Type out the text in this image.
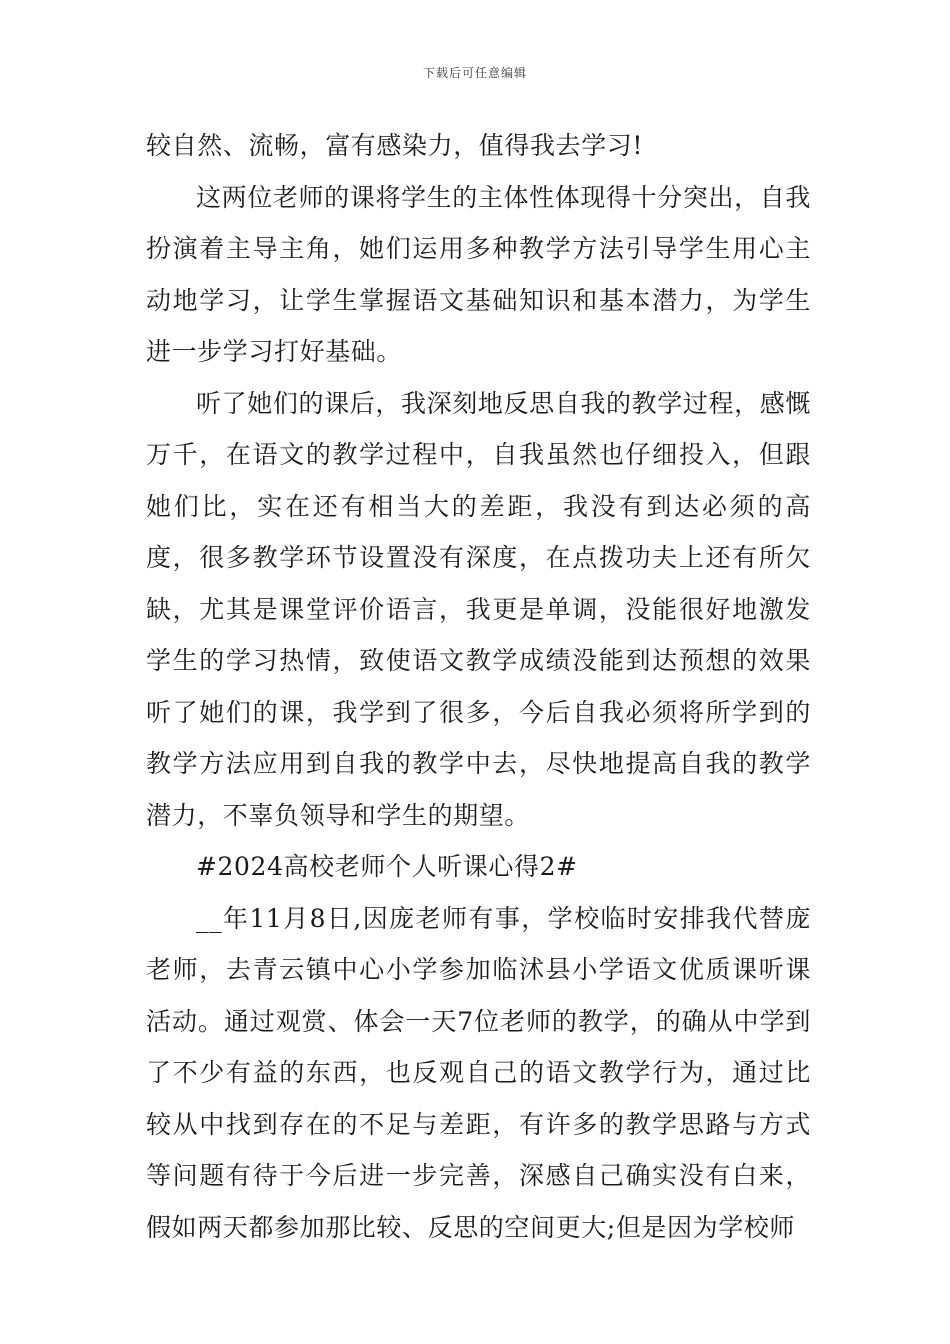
下载后可任意编辑

较自然、流畅，富有感染力，值得我去学习!

这两位老师的课将学生的主体性体现得十分突出，自我扮演着主导主角，她们运用多种教学方法引导学生用心主动地学习，让学生掌握语文基础知识和基本潜力，为学生进一步学习打好基础。

听了她们的课后，我深刻地反思自我的教学过程，感慨万千，在语文的教学过程中，自我虽然也仔细投入，但跟她们比，实在还有相当大的差距，我没有到达必须的高度，很多教学环节设置没有深度，在点拨功夫上还有所欠缺，尤其是课堂评价语言，我更是单调，没能很好地激发学生的学习热情，致使语文教学成绩没能到达预想的效果听了她们的课，我学到了很多，今后自我必须将所学到的教学方法应用到自我的教学中去，尽快地提高自我的教学潜力，不辜负领导和学生的期望。

#2024高校老师个人听课心得2#

__年11月8日,因庞老师有事，学校临时安排我代替庞老师，去青云镇中心小学参加临沭县小学语文优质课听课活动。通过观赏、体会一天7位老师的教学，的确从中学到了不少有益的东西，也反观自己的语文教学行为，通过比较从中找到存在的不足与差距，有许多的教学思路与方式等问题有待于今后进一步完善，深感自己确实没有白来，假如两天都参加那比较、反思的空间更大;但是因为学校师
